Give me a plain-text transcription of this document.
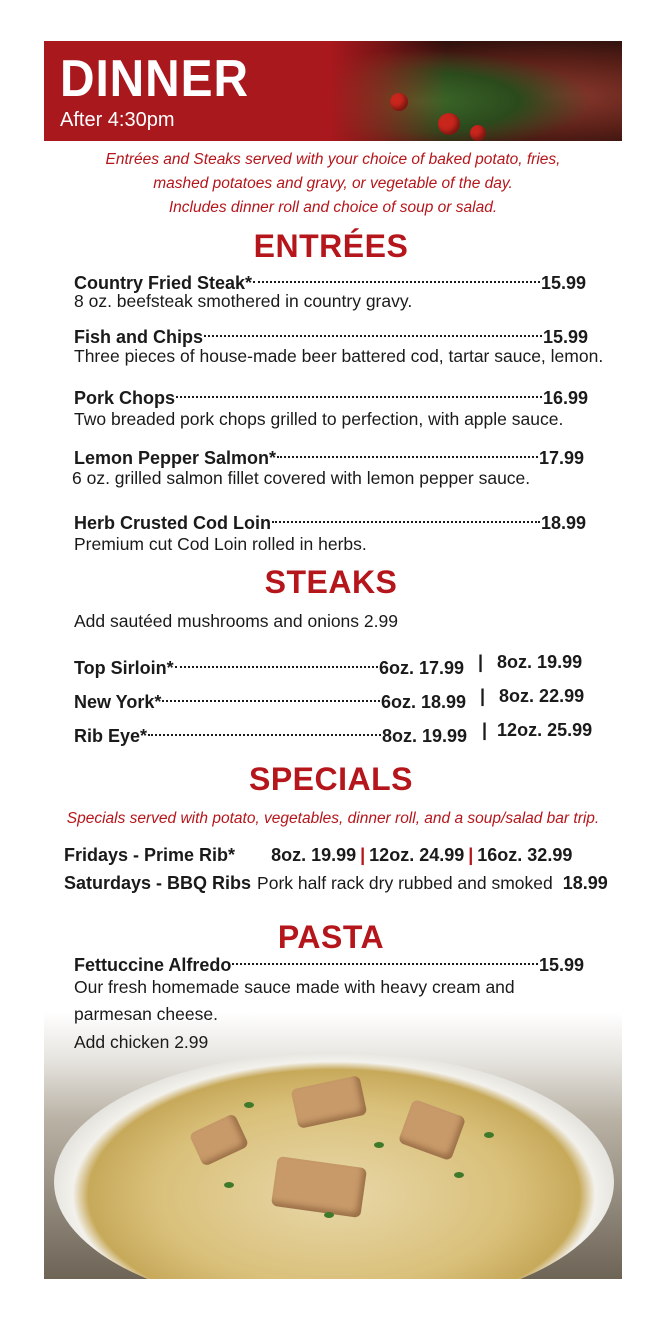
DINNER
After 4:30pm
Entrées and Steaks served with your choice of baked potato, fries,
mashed potatoes and gravy, or vegetable of the day.
Includes dinner roll and choice of soup or salad.
ENTRÉES
Country Fried Steak*	15.99
8 oz. beefsteak smothered in country gravy.
Fish and Chips	15.99
Three pieces of house-made beer battered cod, tartar sauce, lemon.
Pork Chops	16.99
Two breaded pork chops grilled to perfection, with apple sauce.
Lemon Pepper Salmon*	17.99
6 oz. grilled salmon fillet covered with lemon pepper sauce.
Herb Crusted Cod Loin	18.99
Premium cut Cod Loin rolled in herbs.
STEAKS
Add sautéed mushrooms and onions 2.99
Top Sirloin*	6oz. 17.99 | 8oz. 19.99
New York*	6oz. 18.99 | 8oz. 22.99
Rib Eye*	8oz. 19.99 | 12oz. 25.99
SPECIALS
Specials served with potato, vegetables, dinner roll, and a soup/salad bar trip.
Fridays - Prime Rib* 8oz. 19.99 | 12oz. 24.99 | 16oz. 32.99
Saturdays - BBQ Ribs Pork half rack dry rubbed and smoked 18.99
PASTA
Fettuccine Alfredo	15.99
Our fresh homemade sauce made with heavy cream and
parmesan cheese.
Add chicken 2.99
